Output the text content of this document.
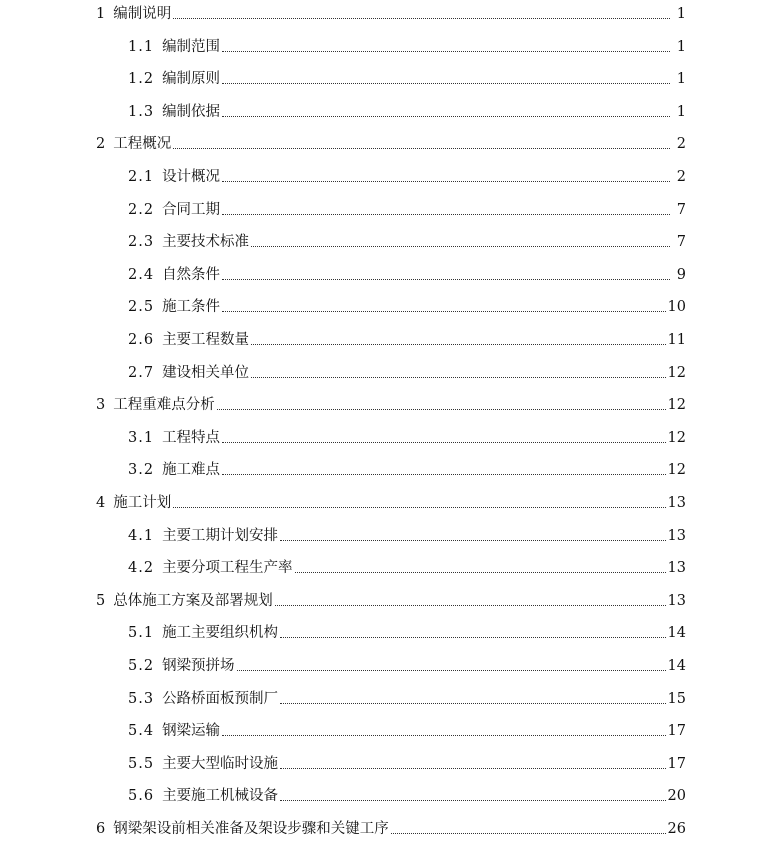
1 编制说明	1
1.1 编制范围	1
1.2 编制原则	1
1.3 编制依据	1
2 工程概况	2
2.1 设计概况	2
2.2 合同工期	7
2.3 主要技术标准	7
2.4 自然条件	9
2.5 施工条件	10
2.6 主要工程数量	11
2.7 建设相关单位	12
3 工程重难点分析	12
3.1 工程特点	12
3.2 施工难点	12
4 施工计划	13
4.1 主要工期计划安排	13
4.2 主要分项工程生产率	13
5 总体施工方案及部署规划	13
5.1 施工主要组织机构	14
5.2 钢梁预拼场	14
5.3 公路桥面板预制厂	15
5.4 钢梁运输	17
5.5 主要大型临时设施	17
5.6 主要施工机械设备	20
6 钢梁架设前相关准备及架设步骤和关键工序	26
